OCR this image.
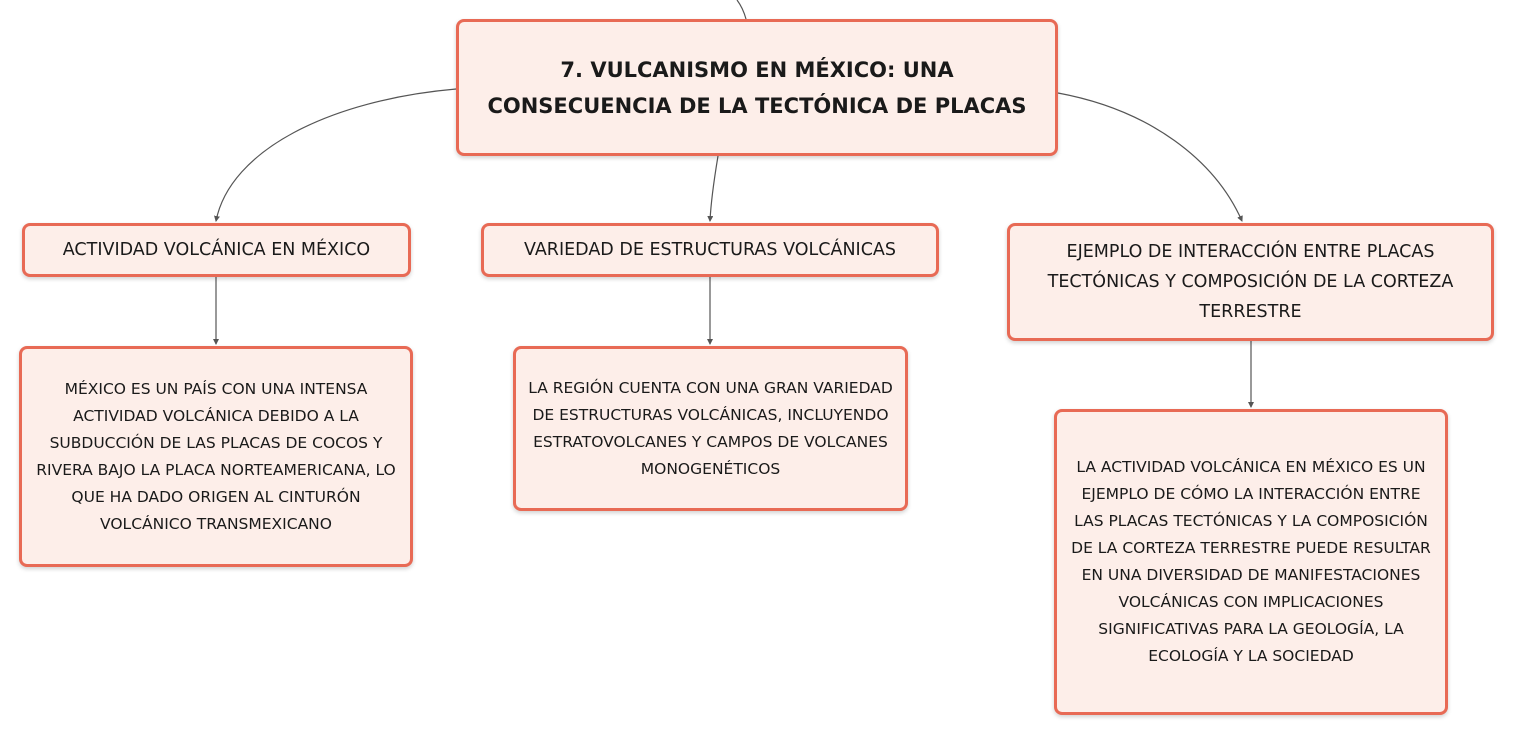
7. VULCANISMO EN MÉXICO: UNA CONSECUENCIA DE LA TECTÓNICA DE PLACAS
ACTIVIDAD VOLCÁNICA EN MÉXICO	VARIEDAD DE ESTRUCTURAS VOLCÁNICAS	EJEMPLO DE INTERACCIÓN ENTRE PLACAS TECTÓNICAS Y COMPOSICIÓN DE LA CORTEZA TERRESTRE
MÉXICO ES UN PAÍS CON UNA INTENSA ACTIVIDAD VOLCÁNICA DEBIDO A LA SUBDUCCIÓN DE LAS PLACAS DE COCOS Y RIVERA BAJO LA PLACA NORTEAMERICANA, LO QUE HA DADO ORIGEN AL CINTURÓN VOLCÁNICO TRANSMEXICANO
LA REGIÓN CUENTA CON UNA GRAN VARIEDAD DE ESTRUCTURAS VOLCÁNICAS, INCLUYENDO ESTRATOVOLCANES Y CAMPOS DE VOLCANES MONOGENÉTICOS	LA ACTIVIDAD VOLCÁNICA EN MÉXICO ES UN EJEMPLO DE CÓMO LA INTERACCIÓN ENTRE LAS PLACAS TECTÓNICAS Y LA COMPOSICIÓN DE LA CORTEZA TERRESTRE PUEDE RESULTAR EN UNA DIVERSIDAD DE MANIFESTACIONES VOLCÁNICAS CON IMPLICACIONES SIGNIFICATIVAS PARA LA GEOLOGÍA, LA ECOLOGÍA Y LA SOCIEDAD
